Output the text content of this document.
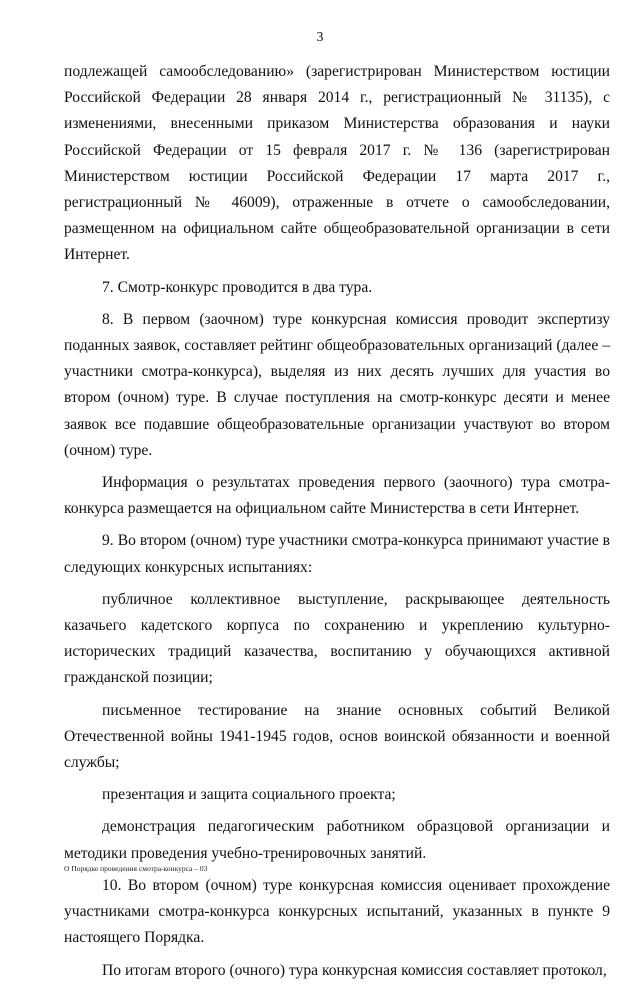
3

подлежащей самообследованию» (зарегистрирован Министерством юстиции Российской Федерации 28 января 2014 г., регистрационный № 31135), с изменениями, внесенными приказом Министерства образования и науки Российской Федерации от 15 февраля 2017 г. № 136 (зарегистрирован Министерством юстиции Российской Федерации 17 марта 2017 г., регистрационный № 46009), отраженные в отчете о самообследовании, размещенном на официальном сайте общеобразовательной организации в сети Интернет.

7. Смотр-конкурс проводится в два тура.

8. В первом (заочном) туре конкурсная комиссия проводит экспертизу поданных заявок, составляет рейтинг общеобразовательных организаций (далее – участники смотра-конкурса), выделяя из них десять лучших для участия во втором (очном) туре. В случае поступления на смотр-конкурс десяти и менее заявок все подавшие общеобразовательные организации участвуют во втором (очном) туре.

Информация о результатах проведения первого (заочного) тура смотра-конкурса размещается на официальном сайте Министерства в сети Интернет.

9. Во втором (очном) туре участники смотра-конкурса принимают участие в следующих конкурсных испытаниях:

публичное коллективное выступление, раскрывающее деятельность казачьего кадетского корпуса по сохранению и укреплению культурно-исторических традиций казачества, воспитанию у обучающихся активной гражданской позиции;

письменное тестирование на знание основных событий Великой Отечественной войны 1941-1945 годов, основ воинской обязанности и военной службы;

презентация и защита социального проекта;

демонстрация педагогическим работником образцовой организации и методики проведения учебно-тренировочных занятий.

10. Во втором (очном) туре конкурсная комиссия оценивает прохождение участниками смотра-конкурса конкурсных испытаний, указанных в пункте 9 настоящего Порядка.

По итогам второго (очного) тура конкурсная комиссия составляет протокол,

О Порядке проведения смотра-конкурса – 03
